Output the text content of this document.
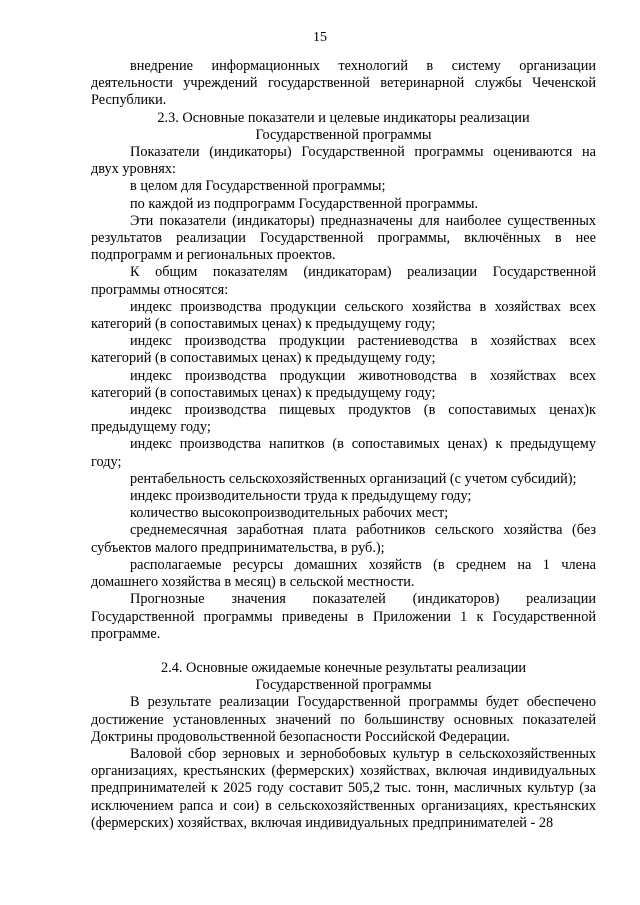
15

внедрение информационных технологий в систему организации деятельности учреждений государственной ветеринарной службы Чеченской Республики.

2.3. Основные показатели и целевые индикаторы реализации

Государственной программы

Показатели (индикаторы) Государственной программы оцениваются на двух уровнях:

в целом для Государственной программы;

по каждой из подпрограмм Государственной программы.

Эти показатели (индикаторы) предназначены для наиболее существенных результатов реализации Государственной программы, включённых в нее подпрограмм и региональных проектов.

К общим показателям (индикаторам) реализации Государственной программы относятся:

индекс производства продукции сельского хозяйства в хозяйствах всех категорий (в сопоставимых ценах) к предыдущему году;

индекс производства продукции растениеводства в хозяйствах всех категорий (в сопоставимых ценах) к предыдущему году;

индекс производства продукции животноводства в хозяйствах всех категорий (в сопоставимых ценах) к предыдущему году;

индекс производства пищевых продуктов (в сопоставимых ценах)к предыдущему году;

индекс производства напитков (в сопоставимых ценах) к предыдущему году;

рентабельность сельскохозяйственных организаций (с учетом субсидий);

индекс производительности труда к предыдущему году;

количество высокопроизводительных рабочих мест;

среднемесячная заработная плата работников сельского хозяйства (без субъектов малого предпринимательства, в руб.);

располагаемые ресурсы домашних хозяйств (в среднем на 1 члена домашнего хозяйства в месяц) в сельской местности.

Прогнозные значения показателей (индикаторов) реализации Государственной программы приведены в Приложении 1 к Государственной программе.

2.4. Основные ожидаемые конечные результаты реализации

Государственной программы

В результате реализации Государственной программы будет обеспечено достижение установленных значений по большинству основных показателей Доктрины продовольственной безопасности Российской Федерации.

Валовой сбор зерновых и зернобобовых культур в сельскохозяйственных организациях, крестьянских (фермерских) хозяйствах, включая индивидуальных предпринимателей к 2025 году составит 505,2 тыс. тонн, масличных культур (за исключением рапса и сои) в сельскохозяйственных организациях, крестьянских (фермерских) хозяйствах, включая индивидуальных предпринимателей - 28
